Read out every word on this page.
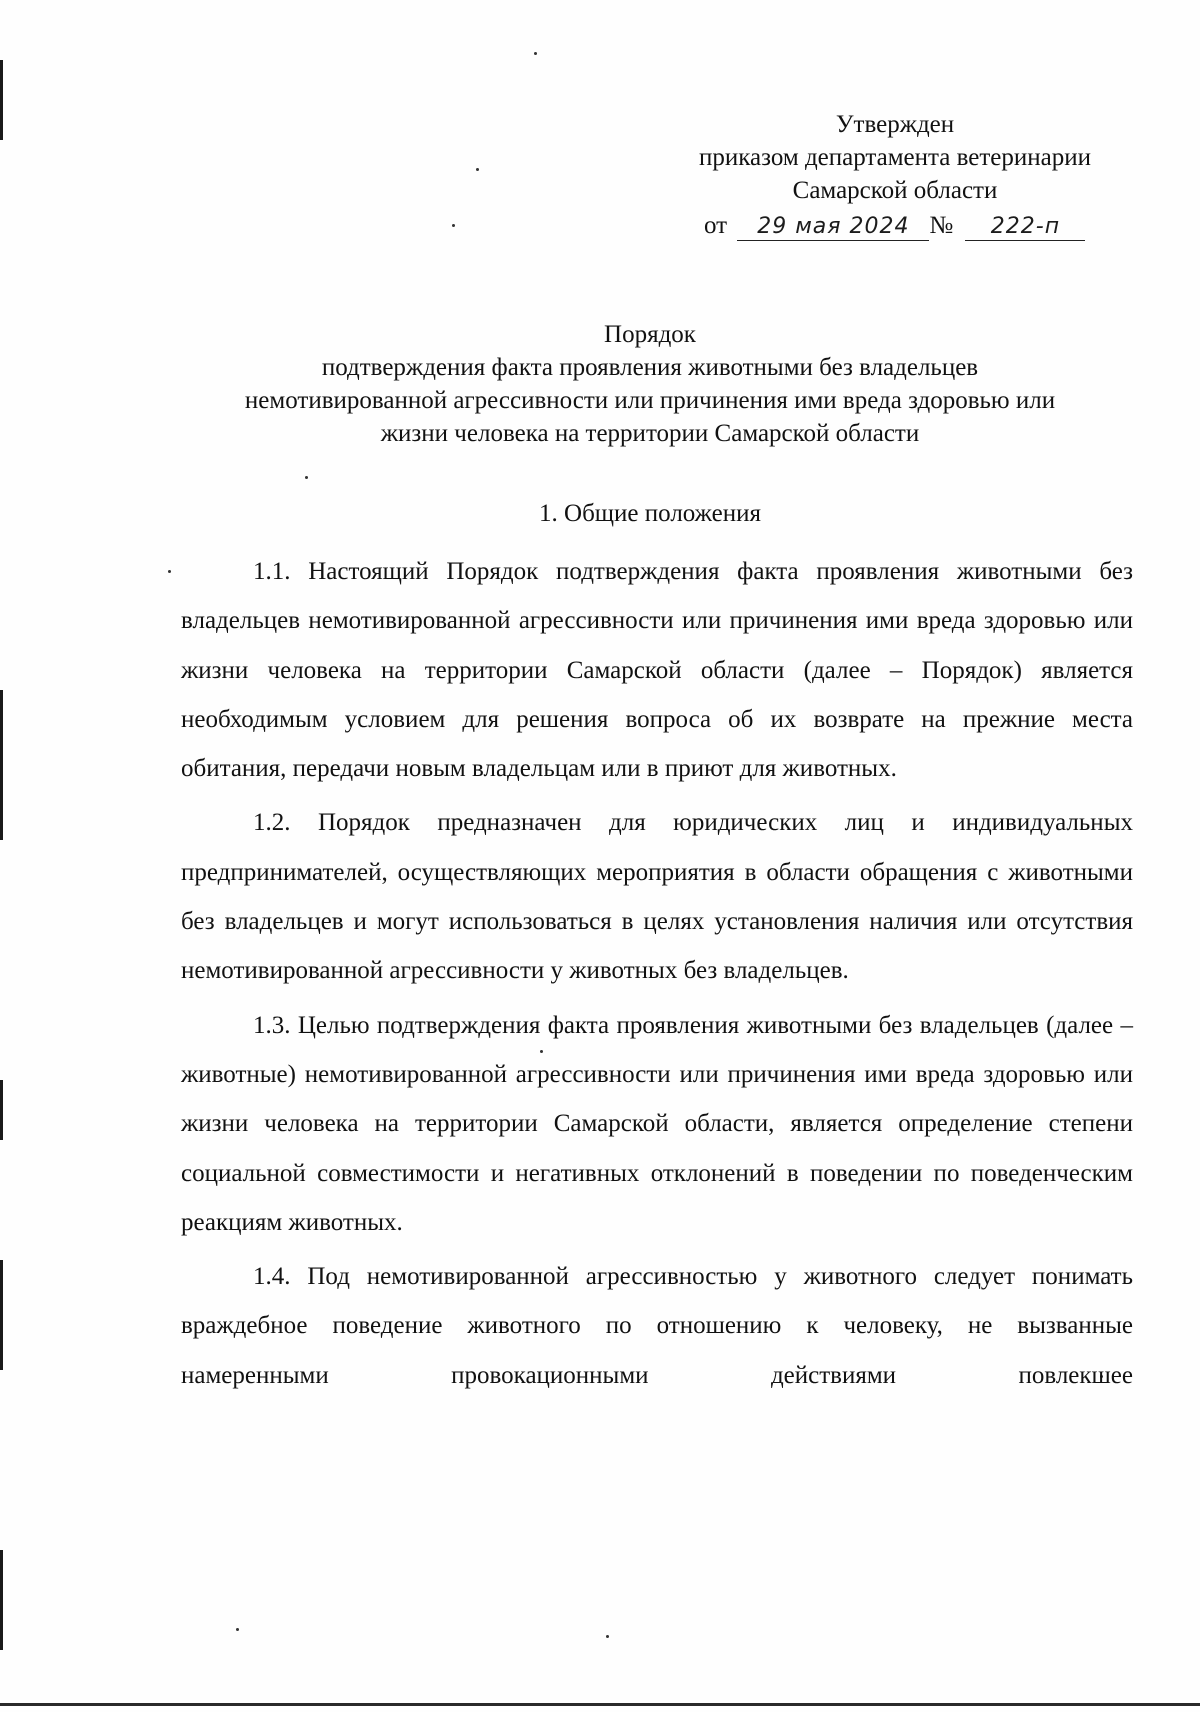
Утвержден
приказом департамента ветеринарии
Самарской области
от 29 мая 2024 № 222-п
Порядок
подтверждения факта проявления животными без владельцев
немотивированной агрессивности или причинения ими вреда здоровью или
жизни человека на территории Самарской области
1. Общие положения

1.1. Настоящий Порядок подтверждения факта проявления животными без владельцев немотивированной агрессивности или причинения ими вреда здоровью или жизни человека на территории Самарской области (далее – Порядок) является необходимым условием для решения вопроса об их возврате на прежние места обитания, передачи новым владельцам или в приют для животных.

1.2. Порядок предназначен для юридических лиц и индивидуальных предпринимателей, осуществляющих мероприятия в области обращения с животными без владельцев и могут использоваться в целях установления наличия или отсутствия немотивированной агрессивности у животных без владельцев.

1.3. Целью подтверждения факта проявления животными без владельцев (далее – животные) немотивированной агрессивности или причинения ими вреда здоровью или жизни человека на территории Самарской области, является определение степени социальной совместимости и негативных отклонений в поведении по поведенческим реакциям животных.

1.4. Под немотивированной агрессивностью у животного следует понимать враждебное поведение животного по отношению к человеку, не вызванные намеренными провокационными действиями повлекшее
